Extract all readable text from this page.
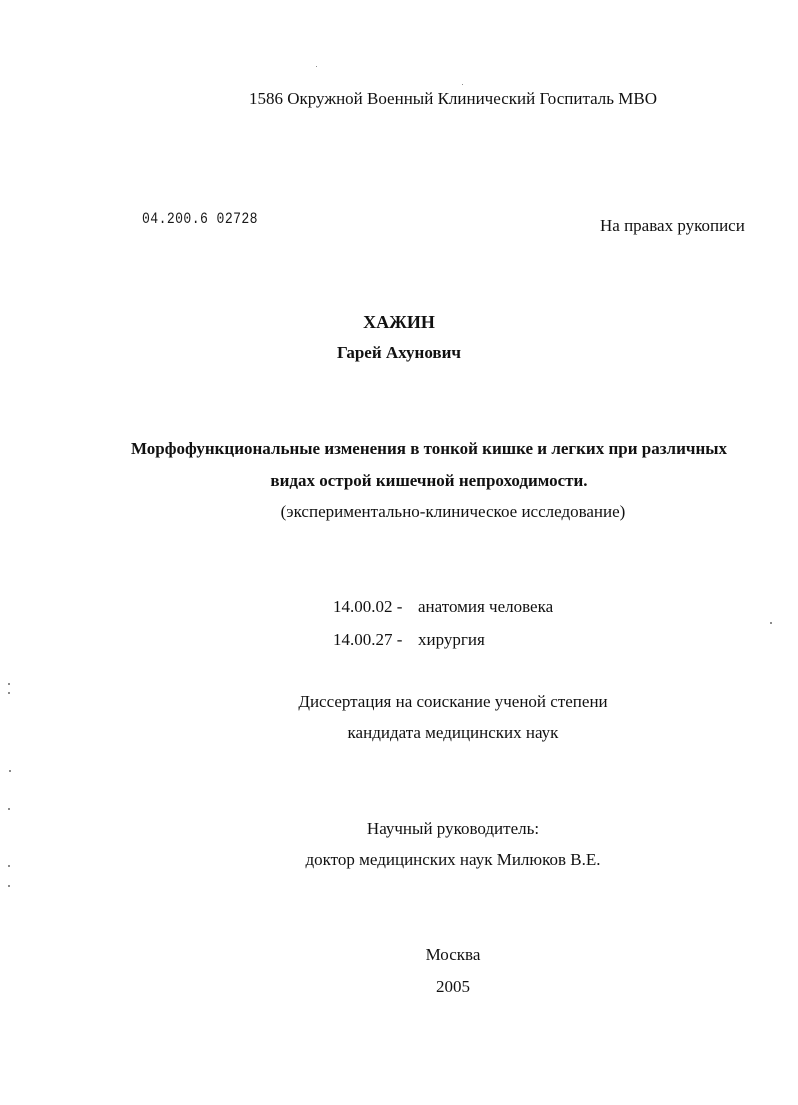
1586 Окружной Военный Клинический Госпиталь МВО
04.200.6 02728	На правах рукописи
ХАЖИН
Гарей Ахунович
Морфофункциональные изменения в тонкой кишке и легких при различных
видах острой кишечной непроходимости.
(экспериментально-клиническое исследование)
14.00.02 - анатомия человека
14.00.27 - хирургия
Диссертация на соискание ученой степени
кандидата медицинских наук
Научный руководитель:
доктор медицинских наук Милюков В.Е.
Москва
2005
